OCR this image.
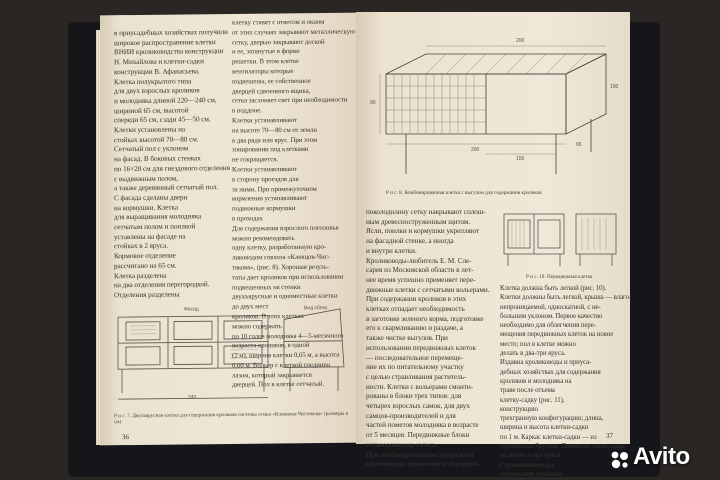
в приусадебных хозяйствах получили
широкое распространение клетки
ВНИИ кролиководства конструкции
Н. Михайлова и клетки-садки
конструкции В. Афанасьева.
Клетка полукрытого типа
для двух взрослых кроликов
и молодняка длиной 220—240 см,
шириной 65 см, высотой
спереди 65 см, сзади 45—50 см.
Клетки установлены на
стойках высотой 70—80 см.
Сетчатый пол с уклоном
на фасад. В боковых стенках
по 16×20 см для гнездового отделения
с выдвижным полом,
а также деревянный сетчатый пол.
С фасада сделаны двери
на кормушки. Клетка
для выращивания молодняка
сетчатым полом и поилкой
уставлены на фасаде на
стойках в 2 яруса.
Кормовое отделение
рассчитано на 65 см.
Клетка разделена
на два отделения перегородкой.
Отделения разделены
Фасад	Вид сбоку
240
Р и с. 7. Двухъярусная клетка для содержания кроликов системы семьи «Клевцова-Чистякова» (размеры в см)
36
клетку ставят с отвесом и окном
от этих случаях закрывают металлическую
сетку, дверью закрывают доской
и ее, затянутые в форме
решетки. В этом клетке
вентиляторы которые
подвешены, ее собственное
дверцей сдвоенного ящика,
сетка заслоняет свет при необходимости
в поддоне.
Клетки устанавливают
на высоте 70—80 см от земли
в два ряда или ярус. При этом
зонировании под клетками
не сокращается.
Клетки устанавливают
в сторону проездов для
за ними. При промежуточном
кормлении устанавливают
подвижные кормушки
в проходах
Для содержания взрослого поголовья
можно рекомендовать
одну клетку, разработанную кро-
лиководом совхоза «Клевцов-Чис-
тякова», (рис. 8). Хорошая резуль-
таты дает кроликов при использовании
подвешенных на стенки
двухъярусные и одноместные клетки
до двух мест
кроликов. В этих клетках
можно содержать
по 10 голов молодняка 4—5-месячного
возраста кроликов, в одной
(2 м), ширина клетки 0,65 м, а высота
0,60 м. Вольер с клеткой соединен
лазом, который закрывается
дверцей. Пол в клетке сетчатый.
200
200
100
65
90
100
Р и с. 8. Комбинированная клетка с выгулом для содержания кроликов
Р и с. 10. Передвижная клетка
поколодилину сетку накрывают сплош-
ным древесноструженным щитом.
Ясли, поилки и кормушки укрепляют
на фасадной стенке, а иногда
и внутри клетки.
Кролиководы-любитель Е. М. Сле-
сарев из Московской области в лет-
нее время успешно применяет пере-
движные клетки с сетчатыми вольерами.
При содержании кроликов в этих
клетках отпадает необходимость
в заготовке зеленого корма, подготовке
его к скармливанию и раздаче, а
также чистке выгулов. При
использовании передвижных клеток
— последовательное перемеще-
ние их по питательному участку
с целью стравливания раститель-
ности. Клетки с вольерами смонти-
рованы в блоки трех типов: для
четырех взрослых самок, для двух
самцов-производителей и для
частей пометов молодняка в возрасте
от 5 месяцев. Передвижные блоки
установлены на колеса.
При комбинированном содержании
кролиководы применяют и передвиж-
Клетка должна быть легкой (рис. 10).
Клетки должны быть легкой, крыша — влаго-
непроницаемой, односкатной, с не-
большим уклоном. Первое качество
необходимо для облегчения пере-
мещения передвижных клеток на новое
место; пол в клетке можно
делать в два-три яруса.
Издавна кролиководы и приуса-
дебных хозяйствах для содержания
кроликов и молодняка на
траве после отъема
клетку-садку (рис. 11),
конструкцию
трехгранную конфигурацию; длина,
ширина и высота клетки-садки
по 1 м. Каркас клетки-садки — из
деревянных брусков. Примерно треть садка
из дерева в три яруса,
с применением для
содержания кроликов.
37
Avito
